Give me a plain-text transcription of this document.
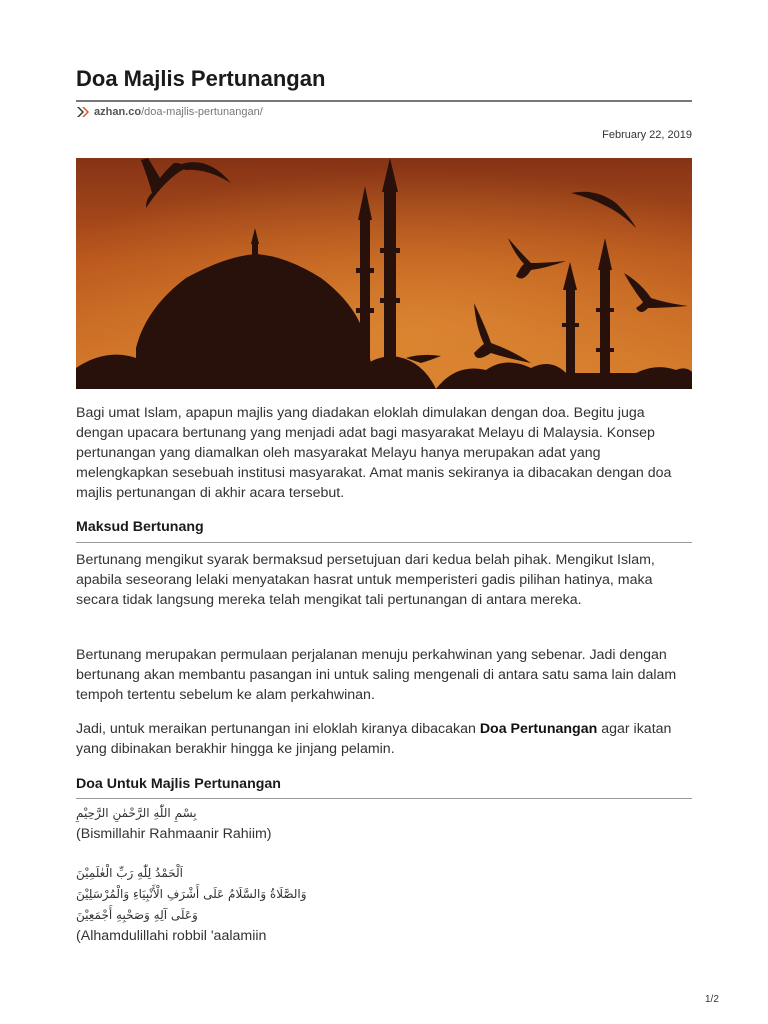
Doa Majlis Pertunangan
azhan.co /doa-majlis-pertunangan/
February 22, 2019

Bagi umat Islam, apapun majlis yang diadakan eloklah dimulakan dengan doa. Begitu juga dengan upacara bertunang yang menjadi adat bagi masyarakat Melayu di Malaysia. Konsep pertunangan yang diamalkan oleh masyarakat Melayu hanya merupakan adat yang melengkapkan sesebuah institusi masyarakat. Amat manis sekiranya ia dibacakan dengan doa majlis pertunangan di akhir acara tersebut.

Maksud Bertunang

Bertunang mengikut syarak bermaksud persetujuan dari kedua belah pihak. Mengikut Islam, apabila seseorang lelaki menyatakan hasrat untuk memperisteri gadis pilihan hatinya, maka secara tidak langsung mereka telah mengikat tali pertunangan di antara mereka.

Bertunang merupakan permulaan perjalanan menuju perkahwinan yang sebenar. Jadi dengan bertunang akan membantu pasangan ini untuk saling mengenali di antara satu sama lain dalam tempoh tertentu sebelum ke alam perkahwinan.

Jadi, untuk meraikan pertunangan ini eloklah kiranya dibacakan Doa Pertunangan agar ikatan yang dibinakan berakhir hingga ke jinjang pelamin.

Doa Untuk Majlis Pertunangan
بِسْمِ اللّٰهِ الرَّحْمٰنِ الرَّحِيْمِ
(Bismillahir Rahmaanir Rahiim)
اَلْحَمْدُ لِلّٰهِ رَبِّ الْعٰلَمِيْنَ
وَالصَّلَاةُ وَالسَّلَامُ عَلَى أَشْرَفِ الْأَنْبِيَاءِ وَالْمُرْسَلِيْنَ
وَعَلَى آلِهِ وَصَحْبِهِ أَجْمَعِيْنَ
(Alhamdulillahi robbil 'aalamiin
1/2
